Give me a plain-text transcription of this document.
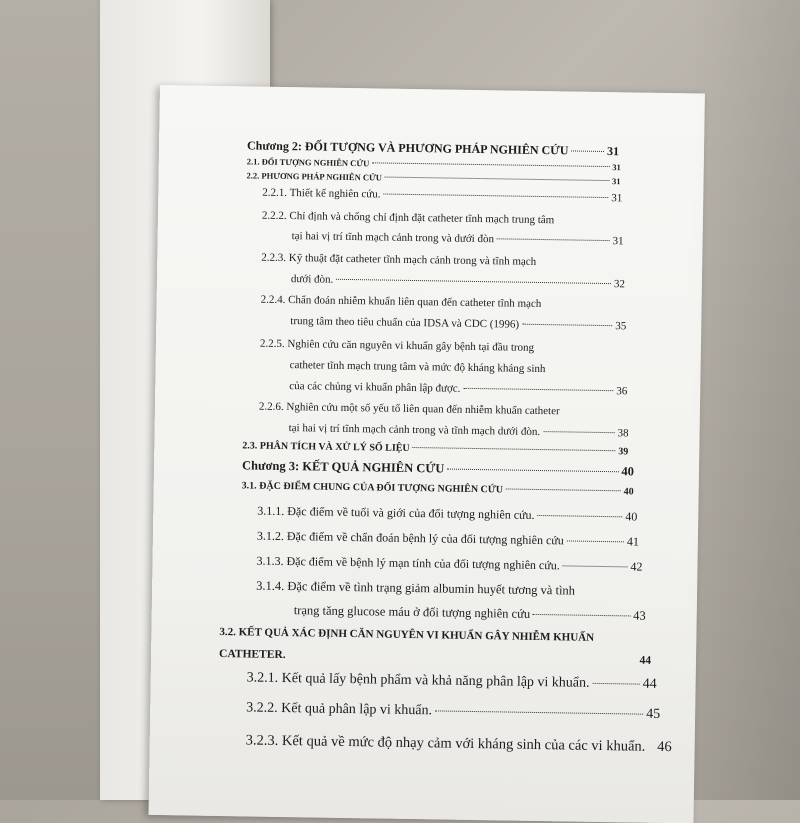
Chương 2: ĐỐI TƯỢNG VÀ PHƯƠNG PHÁP NGHIÊN CỨU	31
2.1. ĐỐI TƯỢNG NGHIÊN CỨU	31
2.2. PHƯƠNG PHÁP NGHIÊN CỨU	31
2.2.1. Thiết kế nghiên cứu.	31
2.2.2. Chỉ định và chống chỉ định đặt catheter tĩnh mạch trung tâm
tại hai vị trí tĩnh mạch cảnh trong và dưới đòn	31
2.2.3. Kỹ thuật đặt catheter tĩnh mạch cảnh trong và tĩnh mạch
dưới đòn.	32
2.2.4. Chẩn đoán nhiễm khuẩn liên quan đến catheter tĩnh mạch
trung tâm theo tiêu chuẩn của IDSA và CDC (1996)	35
2.2.5. Nghiên cứu căn nguyên vi khuẩn gây bệnh tại đầu trong
catheter tĩnh mạch trung tâm và mức độ kháng kháng sinh
của các chủng vi khuẩn phân lập được.	36
2.2.6. Nghiên cứu một số yếu tố liên quan đến nhiễm khuẩn catheter
tại hai vị trí tĩnh mạch cảnh trong và tĩnh mạch dưới đòn.	38
2.3. PHÂN TÍCH VÀ XỬ LÝ SỐ LIỆU	39
Chương 3: KẾT QUẢ NGHIÊN CỨU	40
3.1. ĐẶC ĐIỂM CHUNG CỦA ĐỐI TƯỢNG NGHIÊN CỨU	40
3.1.1. Đặc điểm về tuổi và giới của đối tượng nghiên cứu.	40
3.1.2. Đặc điểm về chẩn đoán bệnh lý của đối tượng nghiên cứu	41
3.1.3. Đặc điểm về bệnh lý mạn tính của đối tượng nghiên cứu.	42
3.1.4. Đặc điểm về tình trạng giảm albumin huyết tương và tình
trạng tăng glucose máu ở đối tượng nghiên cứu	43
3.2. KẾT QUẢ XÁC ĐỊNH CĂN NGUYÊN VI KHUẨN GÂY NHIỄM KHUẨN
CATHETER.	44
3.2.1. Kết quả lấy bệnh phẩm và khả năng phân lập vi khuẩn.	44
3.2.2. Kết quả phân lập vi khuẩn.	45
3.2.3. Kết quả về mức độ nhạy cảm với kháng sinh của các vi khuẩn. 46
